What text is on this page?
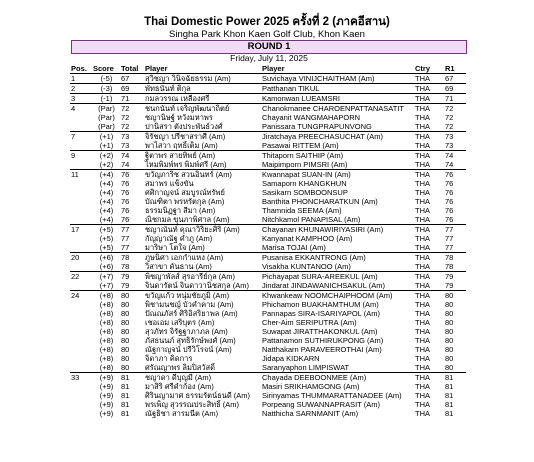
Thai Domestic Power 2025 ครั้งที่ 2 (ภาคอีสาน)
Singha Park Khon Kaen Golf Club, Khon Kaen
ROUND 1
Friday, July 11, 2025
Pos.	Score	Total	Player	Player	Ctry	R1
1	(-5)	67	สุวิชญา วินิจฉัยธรรม (Am)	Suvichaya VINIJCHAITHAM (Am)	THA	67
2	(-3)	69	พัทธนันท์ ติกุล	Patthanan TIKUL	THA	69
3	(-1)	71	กมลวรรณ เหลืองศรี	Kamonwan LUEAMSRI	THA	71
4	(Par)	72	ชนกนันท์ เจริญพัฒนาถิตย์	Chanokmanee CHAROENPATTANASATIT	THA	72
	(Par)	72	ชญานิษฐ์ หวังมหาพร	Chayanit WANGMAHAPORN	THA	72
	(Par)	72	ปานิสรา ตังประพันธ์วงศ์	Panissara TUNGPRAPUNVONG	THA	72
7	(+1)	73	จิรัชญา ปรีชาสราศี (Am)	Jiratchaya PREECHASUCHAT (Am)	THA	73
	(+1)	73	พาไสวา ฤทธิ์เต็ม (Am)	Pasawai RITTEM (Am)	THA	73
9	(+2)	74	ฐิตาพร สายทิพย์ (Am)	Thitaporn SAITHIP (Am)	THA	74
	(+2)	74	ไหมพิมพ์พร พิมพ์ศรี (Am)	Maipimporn PIMSRI (Am)	THA	74
11	(+4)	76	ขวัญภาริช สวนอินทร์ (Am)	Kwannapat SUAN-IN (Am)	THA	76
	(+4)	76	สมาพร แข็งขัน	Samaporn KHANGKHUN	THA	76
	(+4)	76	ศศิกาญจน์ สมบูรณ์ทรัพย์	Sasikarn SOMBOONSUP	THA	76
	(+4)	76	บัณฑิตา พรหรัตกุล (Am)	Banthita PHONCHARATKUN (Am)	THA	76
	(+4)	76	ธรรมนิฏฐา สีมา (Am)	Thamnida SEEMA (Am)	THA	76
	(+4)	76	ณิชกมล ขุนภาพิศาล (Am)	Nitchkamol PANAPISAL (Am)	THA	76
17	(+5)	77	ชญาณันท์ คุณาวิริยะศิริ (Am)	Chayanan KHUNAWIRIYASIRI (Am)	THA	77
	(+5)	77	กัญญาณัฐ คำภู (Am)	Kanyanat KAMPHOO (Am)	THA	77
	(+5)	77	มาริษา โตใจ (Am)	Marisa TOJAI (Am)	THA	77
20	(+6)	78	ภูษนิศา เอกกำแหง (Am)	Pusanisa EKKANTRONG (Am)	THA	78
	(+6)	78	วิสาขา คันธาน (Am)	Visakha KUNTANOO (Am)	THA	78
22	(+7)	79	พิชญาพัลส์ สุรอารีย์กุล (Am)	Pichayapat SURA-AREEKUL (Am)	THA	79
	(+7)	79	จินดารัตน์ จินดาวานิชสกุล (Am)	Jindarat JINDAWANICHSAKUL (Am)	THA	79
24	(+8)	80	ขวัญแก้ว หนุ่มชัยภูมิ (Am)	Khwankeaw NOOMCHAIPHOOM (Am)	THA	80
	(+8)	80	พิชามนชญ์ บัวคำคาม (Am)	Phichamon BUAKHAMTHUM (Am)	THA	80
	(+8)	80	ปัณณภัสร์ ศิริอิสริยาพล (Am)	Pannapas SIRA-ISARIYAPOL (Am)	THA	80
	(+8)	80	เชอเอม เสริบุตร (Am)	Cher-Aim SERIPUTRA (Am)	THA	80
	(+8)	80	สุวภัทร จิรัฐฐาภาภล (Am)	Suwapat JIRATTHAKONKUL (Am)	THA	80
	(+8)	80	ภัสธนนภ์ สุทธิรักษ์พงศ์ (Am)	Pattanamon SUTHIRUKPONG (Am)	THA	80
	(+8)	80	ณัฐกาญจน์ ปรีวิโรจน์ (Am)	Natthakarn PARAVEEROTHAI (Am)	THA	80
	(+8)	80	จิดาภา คิดการ	Jidapa KIDKARN	THA	80
	(+8)	80	ศรัณญาพร ลิมปิสวัสดิ์	Saranyaphon LIMPISWAT	THA	80
33	(+9)	81	ชญาดา ดีบุญมี (Am)	Chayada DEEBOONMEE (Am)	THA	81
	(+9)	81	มาสิริ ศรีคำก้อง (Am)	Masiri SRIKHAMGONG (Am)	THA	81
	(+9)	81	ศิรินญามาศ ธรรมรัตน์ธนดี (Am)	Sirinyamas THUMMARATTANADEE (Am)	THA	81
	(+9)	81	พรเพ็ญ สุวรรณประสิทธิ์ (Am)	Porpeang SUWANNAPRASIT (Am)	THA	81
	(+9)	81	ณัฐธิชา สารมนีต (Am)	Natthicha SARNMANIT (Am)	THA	81
